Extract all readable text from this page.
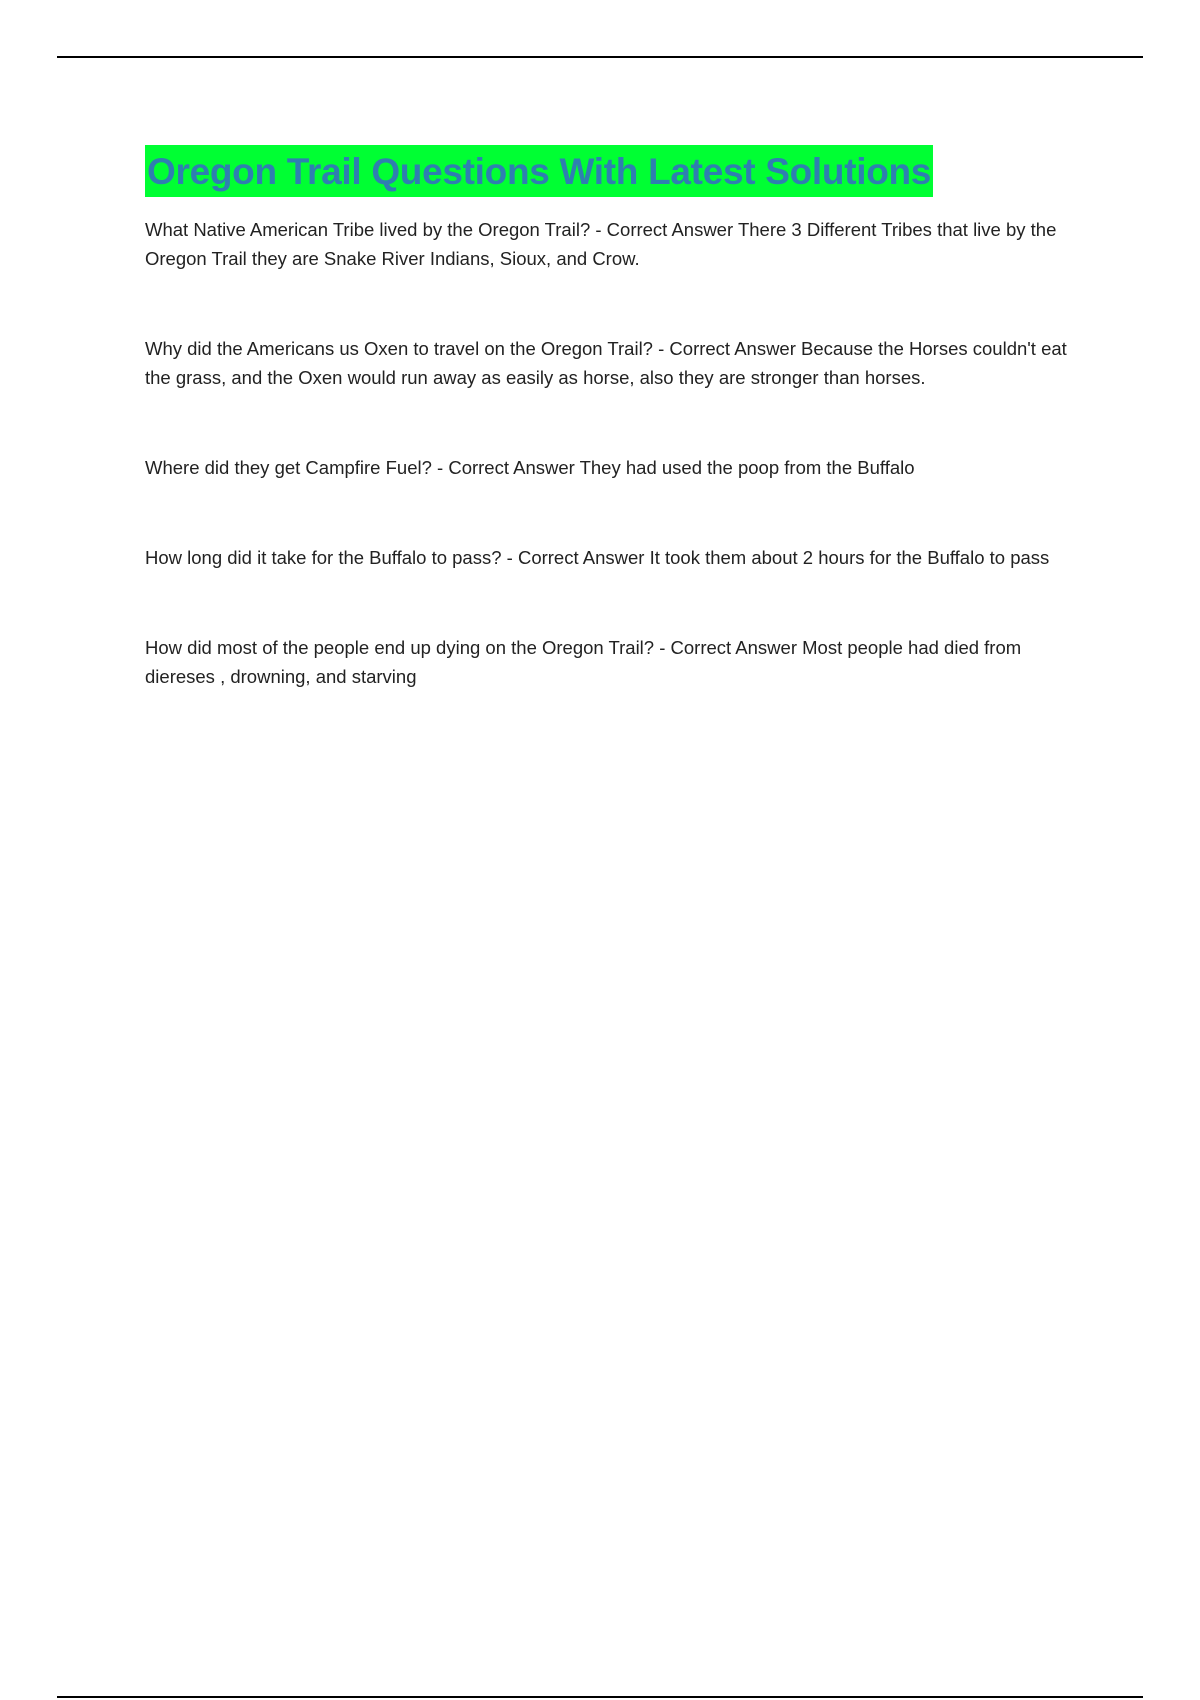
Oregon Trail Questions With Latest Solutions
What Native American Tribe lived by the Oregon Trail? - Correct Answer There 3 Different Tribes that live by the Oregon Trail they are Snake River Indians, Sioux, and Crow.
Why did the Americans us Oxen to travel on the Oregon Trail? - Correct Answer Because the Horses couldn't eat the grass, and the Oxen would run away as easily as horse, also they are stronger than horses.
Where did they get Campfire Fuel? - Correct Answer They had used the poop from the Buffalo
How long did it take for the Buffalo to pass? - Correct Answer It took them about 2 hours for the Buffalo to pass
How did most of the people end up dying on the Oregon Trail? - Correct Answer Most people had died from diereses , drowning, and starving
